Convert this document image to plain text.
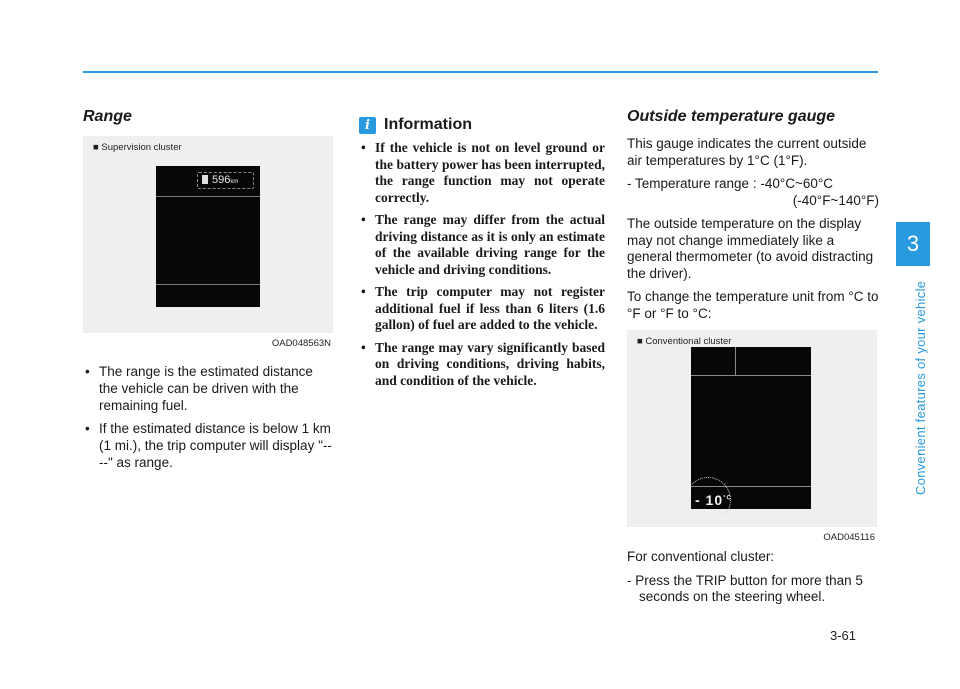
3
Convenient features of your vehicle
Range
■ Supervision cluster
596km
OAD048563N
• The range is the estimated distance the vehicle can be driven with the remaining fuel.
• If the estimated distance is below 1 km (1 mi.), the trip computer will display "----" as range.
i Information
• If the vehicle is not on level ground or the battery power has been interrupted, the range function may not operate correctly.
• The range may differ from the actual driving distance as it is only an estimate of the available driving range for the vehicle and driving conditions.
• The trip computer may not register additional fuel if less than 6 liters (1.6 gallon) of fuel are added to the vehicle.
• The range may vary significantly based on driving conditions, driving habits, and condition of the vehicle.
Outside temperature gauge

This gauge indicates the current outside air temperatures by 1°C (1°F).

- Temperature range : -40°C~60°C

(-40°F~140°F)

The outside temperature on the display may not change immediately like a general thermometer (to avoid distracting the driver).

To change the temperature unit from °C to °F or °F to °C:

■ Conventional cluster
- $10^{^\circ C}$
OAD045116

For conventional cluster:

- Press the TRIP button for more than 5 seconds on the steering wheel.

3-61
